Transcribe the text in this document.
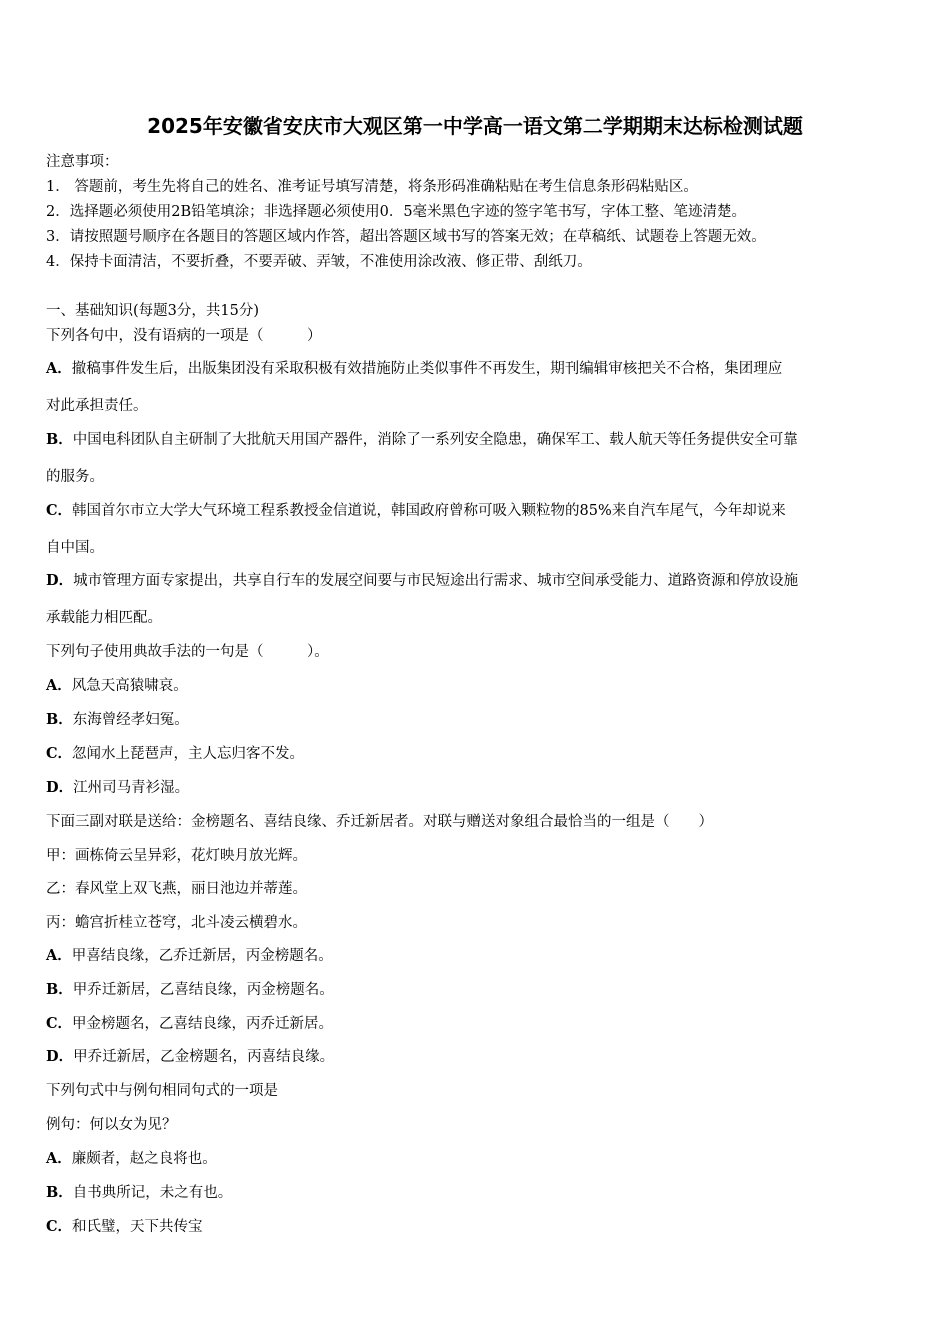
2025年安徽省安庆市大观区第一中学高一语文第二学期期末达标检测试题
注意事项：
1． 答题前，考生先将自己的姓名、准考证号填写清楚，将条形码准确粘贴在考生信息条形码粘贴区。
2．选择题必须使用2B铅笔填涂；非选择题必须使用0．5毫米黑色字迹的签字笔书写，字体工整、笔迹清楚。
3．请按照题号顺序在各题目的答题区域内作答，超出答题区域书写的答案无效；在草稿纸、试题卷上答题无效。
4．保持卡面清洁，不要折叠，不要弄破、弄皱，不准使用涂改液、修正带、刮纸刀。
一、基础知识(每题3分，共15分)
下列各句中，没有语病的一项是（　　　）
A．撤稿事件发生后，出版集团没有采取积极有效措施防止类似事件不再发生，期刊编辑审核把关不合格，集团理应
对此承担责任。
B．中国电科团队自主研制了大批航天用国产器件，消除了一系列安全隐患，确保军工、载人航天等任务提供安全可靠
的服务。
C．韩国首尔市立大学大气环境工程系教授金信道说，韩国政府曾称可吸入颗粒物的85%来自汽车尾气，今年却说来
自中国。
D．城市管理方面专家提出，共享自行车的发展空间要与市民短途出行需求、城市空间承受能力、道路资源和停放设施
承载能力相匹配。
下列句子使用典故手法的一句是（　　　）。
A．风急天高猿啸哀。
B．东海曾经孝妇冤。
C．忽闻水上琵琶声，主人忘归客不发。
D．江州司马青衫湿。
下面三副对联是送给：金榜题名、喜结良缘、乔迁新居者。对联与赠送对象组合最恰当的一组是（　　）
甲：画栋倚云呈异彩，花灯映月放光辉。
乙：春风堂上双飞燕，丽日池边并蒂莲。
丙：蟾宫折桂立苍穹，北斗凌云横碧水。
A．甲喜结良缘，乙乔迁新居，丙金榜题名。
B．甲乔迁新居，乙喜结良缘，丙金榜题名。
C．甲金榜题名，乙喜结良缘，丙乔迁新居。
D．甲乔迁新居，乙金榜题名，丙喜结良缘。
下列句式中与例句相同句式的一项是
例句：何以女为见？
A．廉颇者，赵之良将也。
B．自书典所记，未之有也。
C．和氏璧，天下共传宝
